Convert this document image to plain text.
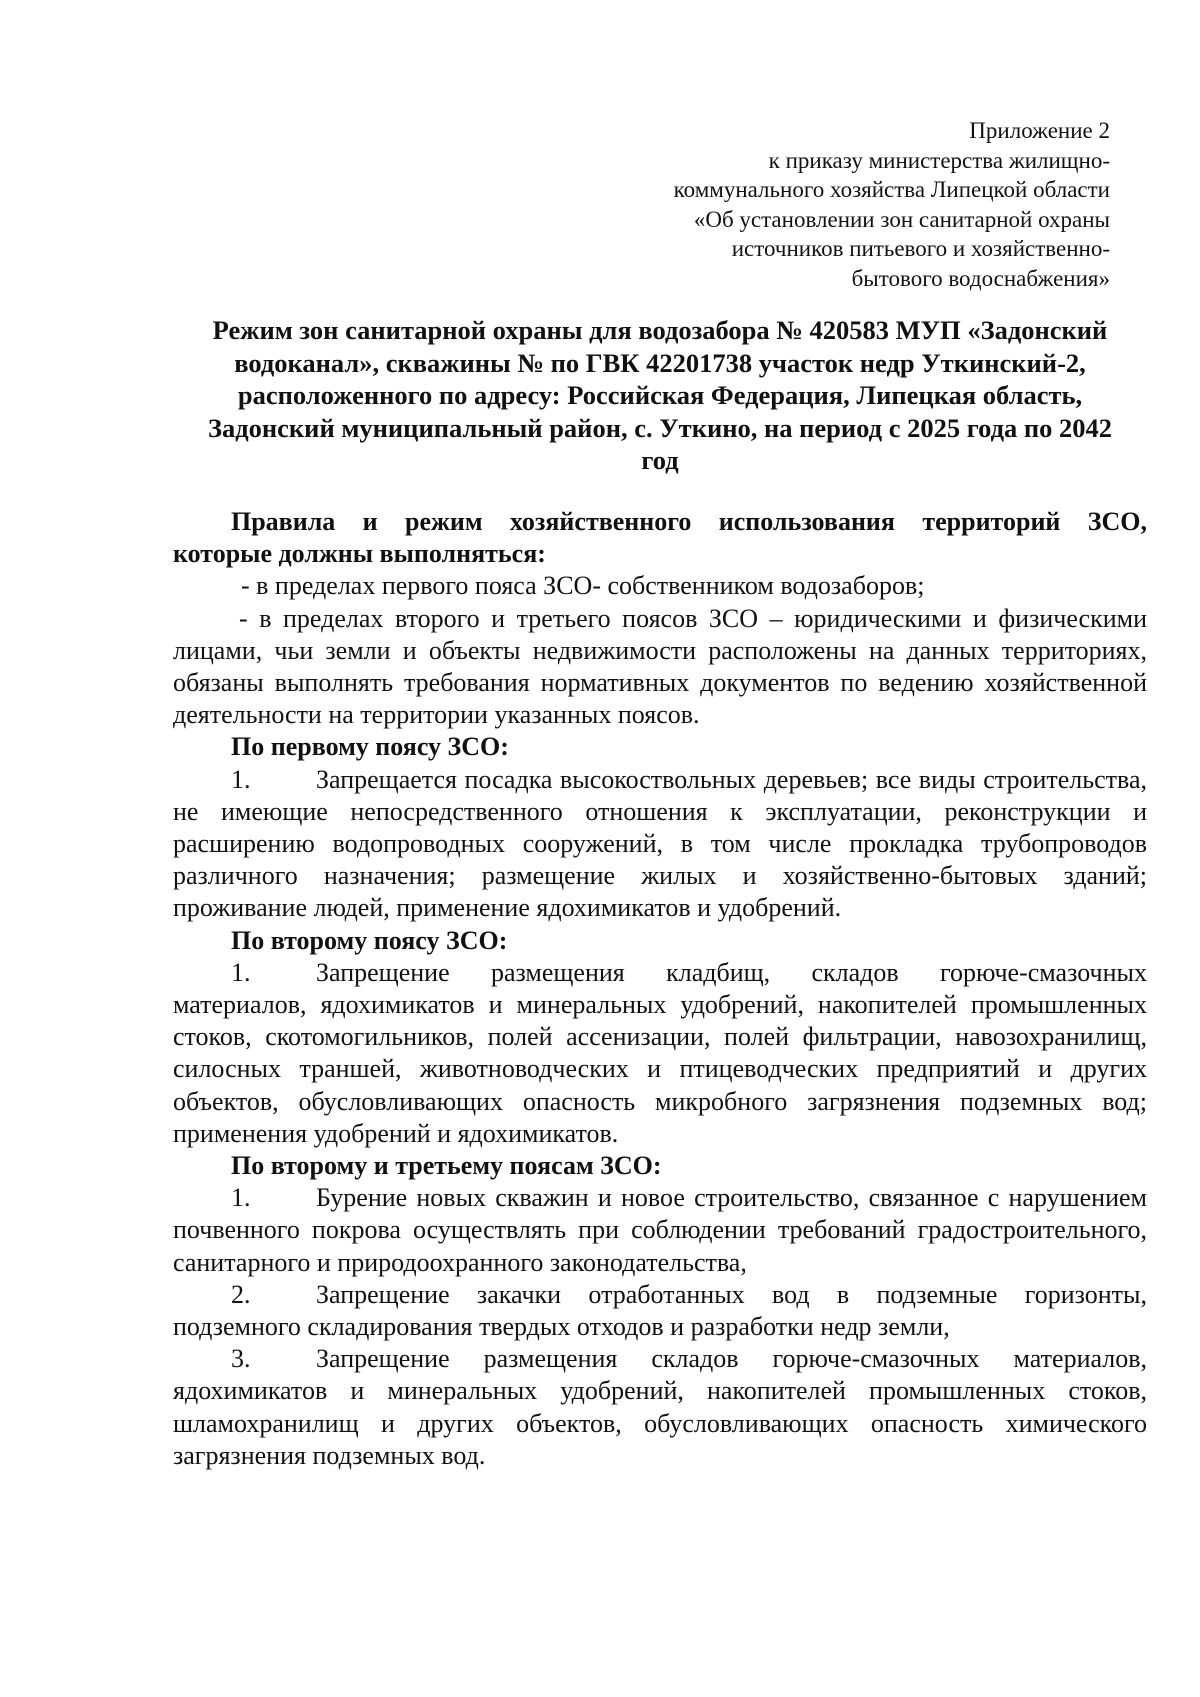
Приложение 2
к приказу министерства жилищно-
коммунального хозяйства Липецкой области
«Об установлении зон санитарной охраны
источников питьевого и хозяйственно-
бытового водоснабжения»
Режим зон санитарной охраны для водозабора № 420583 МУП «Задонский
водоканал», скважины № по ГВК 42201738 участок недр Уткинский-2,
расположенного по адресу: Российская Федерация, Липецкая область,
Задонский муниципальный район, с. Уткино, на период с 2025 года по 2042
год
Правила и режим хозяйственного использования территорий ЗСО,
которые должны выполняться:
- в пределах первого пояса ЗСО- собственником водозаборов;
- в пределах второго и третьего поясов ЗСО – юридическими и физическими лицами, чьи земли и объекты недвижимости расположены на данных территориях, обязаны выполнять требования нормативных документов по ведению хозяйственной деятельности на территории указанных поясов.
По первому поясу ЗСО:
1.	Запрещается посадка высокоствольных деревьев; все виды строительства, не имеющие непосредственного отношения к эксплуатации, реконструкции и расширению водопроводных сооружений, в том числе прокладка трубопроводов различного назначения; размещение жилых и хозяйственно-бытовых зданий; проживание людей, применение ядохимикатов и удобрений.
По второму поясу ЗСО:
1.	Запрещение размещения кладбищ, складов горюче-смазочных материалов, ядохимикатов и минеральных удобрений, накопителей промышленных стоков, скотомогильников, полей ассенизации, полей фильтрации, навозохранилищ, силосных траншей, животноводческих и птицеводческих предприятий и других объектов, обусловливающих опасность микробного загрязнения подземных вод; применения удобрений и ядохимикатов.
По второму и третьему поясам ЗСО:
1.	Бурение новых скважин и новое строительство, связанное с нарушением почвенного покрова осуществлять при соблюдении требований градостроительного, санитарного и природоохранного законодательства,
2.	Запрещение закачки отработанных вод в подземные горизонты, подземного складирования твердых отходов и разработки недр земли,
3.	Запрещение размещения складов горюче-смазочных материалов, ядохимикатов и минеральных удобрений, накопителей промышленных стоков, шламохранилищ и других объектов, обусловливающих опасность химического загрязнения подземных вод.
